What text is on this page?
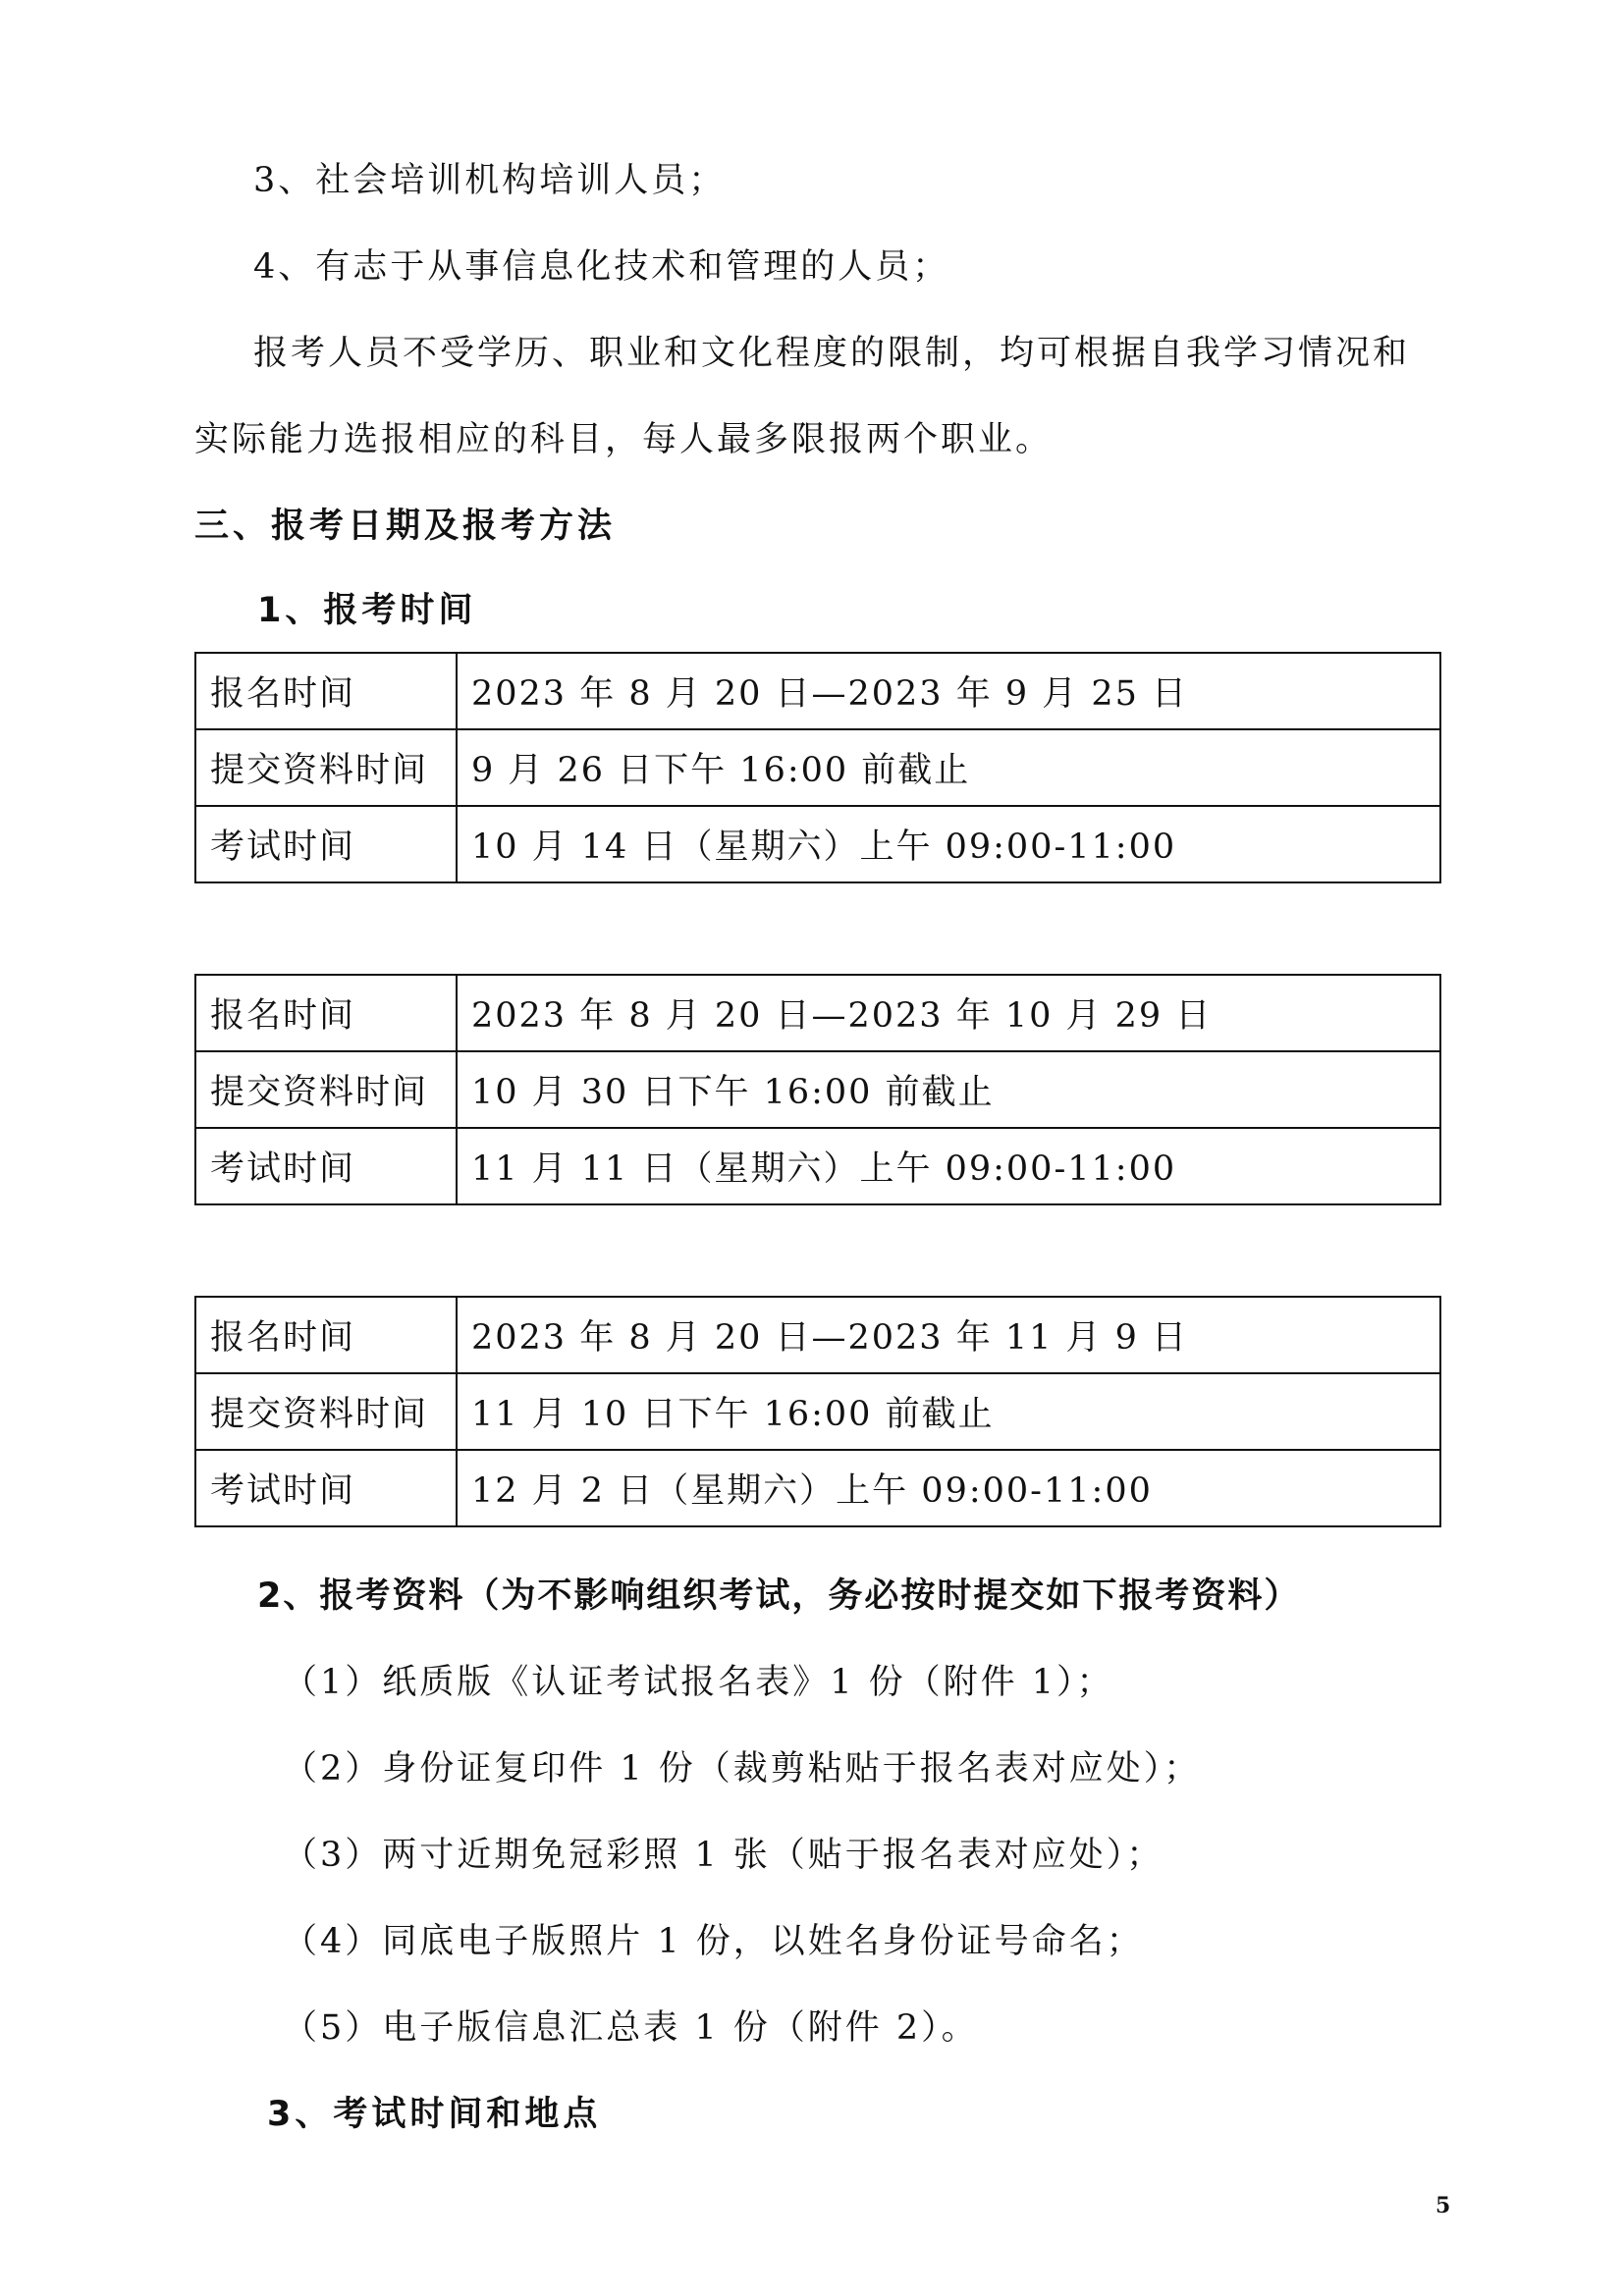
3、社会培训机构培训人员；
4、有志于从事信息化技术和管理的人员；
报考人员不受学历、职业和文化程度的限制，均可根据自我学习情况和
实际能力选报相应的科目，每人最多限报两个职业。
三、报考日期及报考方法
1、报考时间
报名时间	2023 年 8 月 20 日—2023 年 9 月 25 日
提交资料时间	9 月 26 日下午 16:00 前截止
考试时间	10 月 14 日（星期六）上午 09:00-11:00
报名时间	2023 年 8 月 20 日—2023 年 10 月 29 日
提交资料时间	10 月 30 日下午 16:00 前截止
考试时间	11 月 11 日（星期六）上午 09:00-11:00
报名时间	2023 年 8 月 20 日—2023 年 11 月 9 日
提交资料时间	11 月 10 日下午 16:00 前截止
考试时间	12 月 2 日（星期六）上午 09:00-11:00
2、报考资料（为不影响组织考试，务必按时提交如下报考资料）
（1）纸质版《认证考试报名表》1 份（附件 1）；
（2）身份证复印件 1 份（裁剪粘贴于报名表对应处）；
（3）两寸近期免冠彩照 1 张（贴于报名表对应处）；
（4）同底电子版照片 1 份，以姓名身份证号命名；
（5）电子版信息汇总表 1 份（附件 2）。
3、考试时间和地点
5
